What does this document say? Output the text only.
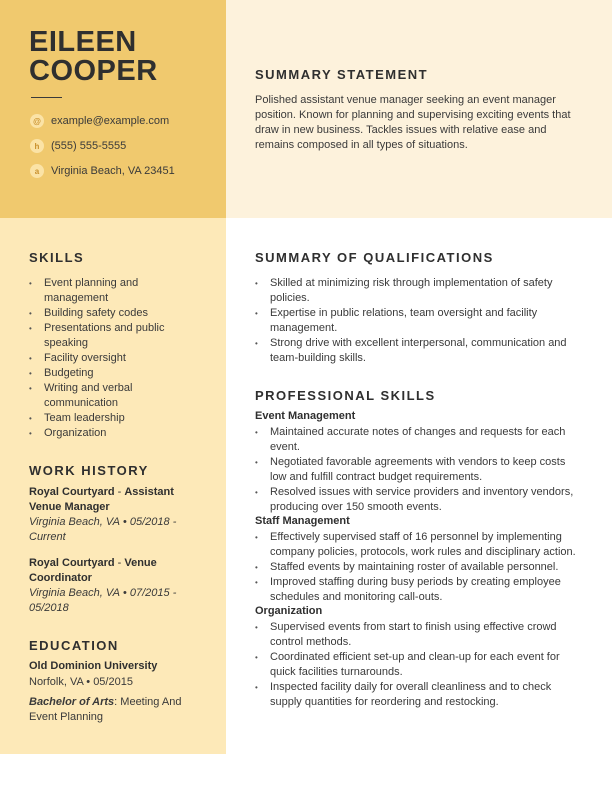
EILEEN
COOPER
@ example@example.com
h	(555) 555-5555
a	Virginia Beach, VA 23451
SUMMARY STATEMENT

Polished assistant venue manager seeking an event manager position. Known for planning and supervising exciting events that draw in new business. Tackles issues with relative ease and remains composed in all types of situations.

SKILLS
• Event planning and management
• Building safety codes
• Presentations and public speaking
• Facility oversight
• Budgeting
• Writing and verbal communication
• Team leadership
• Organization
WORK HISTORY

Royal Courtyard - Assistant Venue Manager

Virginia Beach, VA • 05/2018 - Current

Royal Courtyard - Venue Coordinator

Virginia Beach, VA • 07/2015 - 05/2018

EDUCATION

Old Dominion University

Norfolk, VA • 05/2015

Bachelor of Arts: Meeting And Event Planning

SUMMARY OF QUALIFICATIONS
• Skilled at minimizing risk through implementation of safety policies.
• Expertise in public relations, team oversight and facility management.
• Strong drive with excellent interpersonal, communication and team-building skills.
PROFESSIONAL SKILLS

Event Management

• Maintained accurate notes of changes and requests for each event.
• Negotiated favorable agreements with vendors to keep costs low and fulfill contract budget requirements.
• Resolved issues with service providers and inventory vendors, producing over 150 smooth events.

Staff Management

• Effectively supervised staff of 16 personnel by implementing company policies, protocols, work rules and disciplinary action.
• Staffed events by maintaining roster of available personnel.
• Improved staffing during busy periods by creating employee schedules and monitoring call-outs.

Organization

• Supervised events from start to finish using effective crowd control methods.
• Coordinated efficient set-up and clean-up for each event for quick facilities turnarounds.
• Inspected facility daily for overall cleanliness and to check supply quantities for reordering and restocking.
